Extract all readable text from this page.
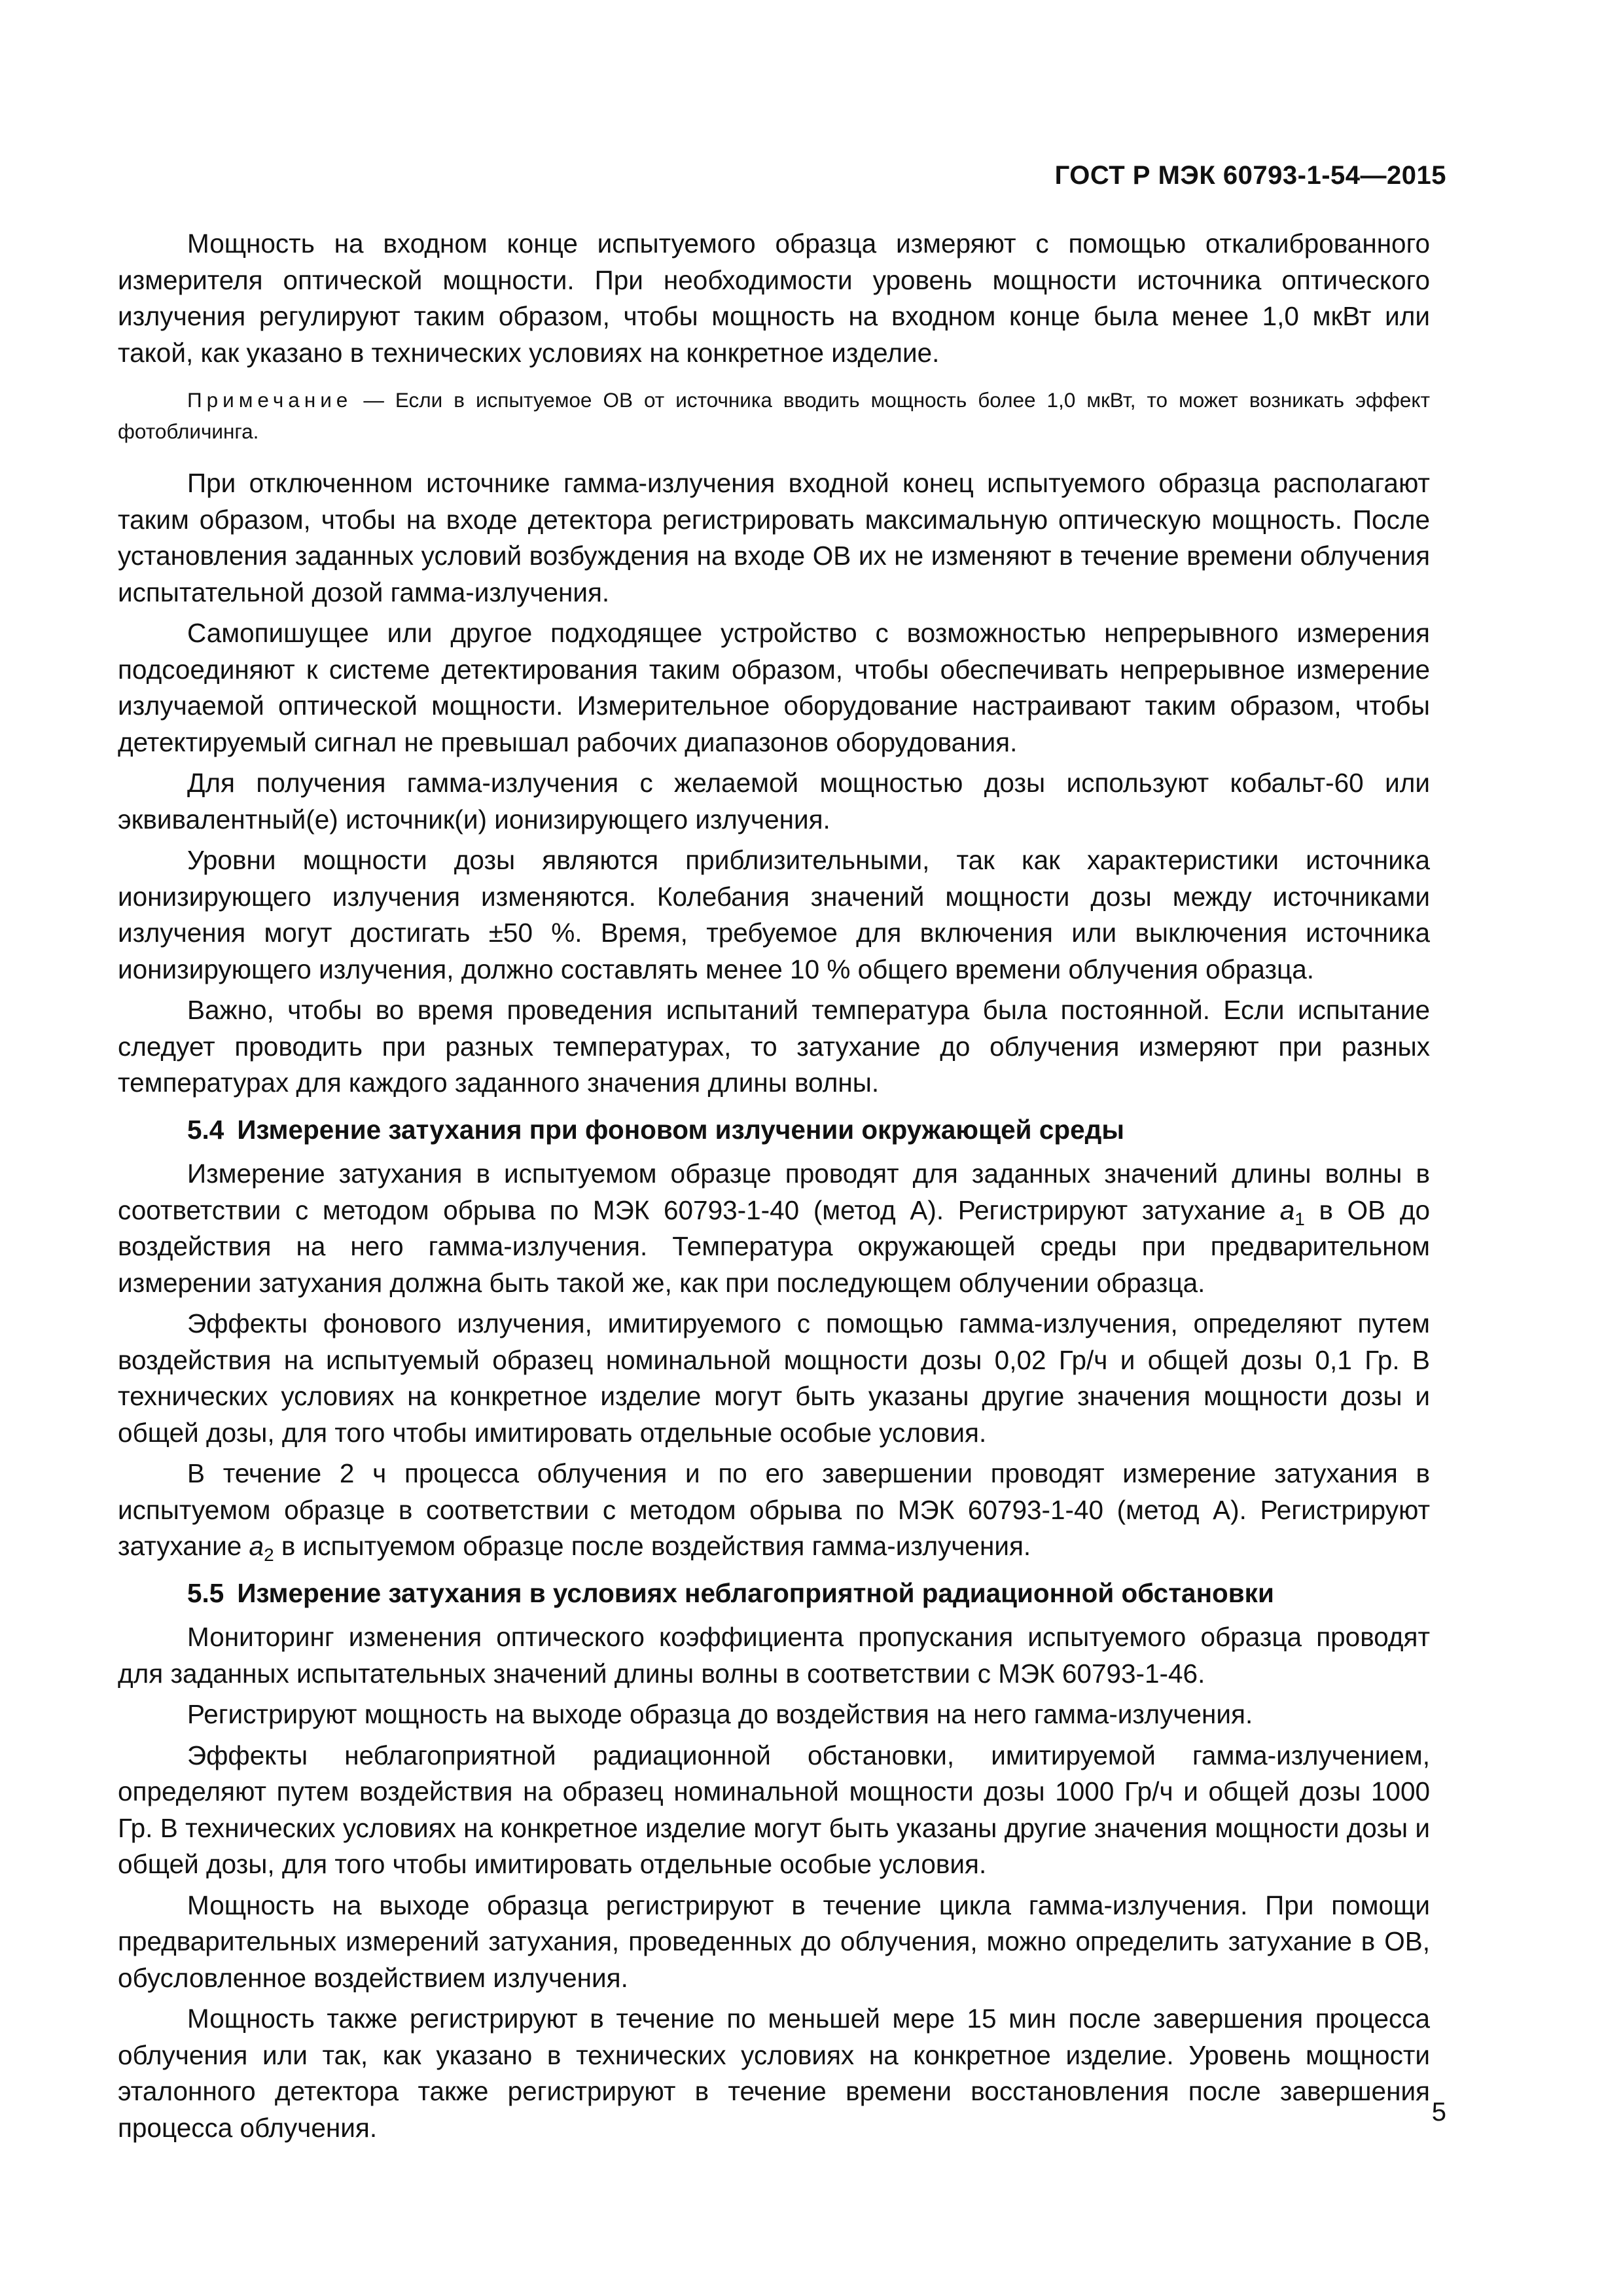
ГОСТ Р МЭК 60793-1-54—2015

Мощность на входном конце испытуемого образца измеряют с помощью откалиброванного измерителя оптической мощности. При необходимости уровень мощности источника оптического излучения регулируют таким образом, чтобы мощность на входном конце была менее 1,0 мкВт или такой, как указано в технических условиях на конкретное изделие.

Примечание — Если в испытуемое ОВ от источника вводить мощность более 1,0 мкВт, то может возникать эффект фотобличинга.

При отключенном источнике гамма-излучения входной конец испытуемого образца располагают таким образом, чтобы на входе детектора регистрировать максимальную оптическую мощность. После установления заданных условий возбуждения на входе ОВ их не изменяют в течение времени облучения испытательной дозой гамма-излучения.

Самопишущее или другое подходящее устройство с возможностью непрерывного измерения подсоединяют к системе детектирования таким образом, чтобы обеспечивать непрерывное измерение излучаемой оптической мощности. Измерительное оборудование настраивают таким образом, чтобы детектируемый сигнал не превышал рабочих диапазонов оборудования.

Для получения гамма-излучения с желаемой мощностью дозы используют кобальт-60 или эквивалентный(е) источник(и) ионизирующего излучения.

Уровни мощности дозы являются приблизительными, так как характеристики источника ионизирующего излучения изменяются. Колебания значений мощности дозы между источниками излучения могут достигать ±50 %. Время, требуемое для включения или выключения источника ионизирующего излучения, должно составлять менее 10 % общего времени облучения образца.

Важно, чтобы во время проведения испытаний температура была постоянной. Если испытание следует проводить при разных температурах, то затухание до облучения измеряют при разных температурах для каждого заданного значения длины волны.

5.4 Измерение затухания при фоновом излучении окружающей среды

Измерение затухания в испытуемом образце проводят для заданных значений длины волны в соответствии с методом обрыва по МЭК 60793-1-40 (метод А). Регистрируют затухание $a_1$ в ОВ до воздействия на него гамма-излучения. Температура окружающей среды при предварительном измерении затухания должна быть такой же, как при последующем облучении образца.

Эффекты фонового излучения, имитируемого с помощью гамма-излучения, определяют путем воздействия на испытуемый образец номинальной мощности дозы 0,02 Гр/ч и общей дозы 0,1 Гр. В технических условиях на конкретное изделие могут быть указаны другие значения мощности дозы и общей дозы, для того чтобы имитировать отдельные особые условия.

В течение 2 ч процесса облучения и по его завершении проводят измерение затухания в испытуемом образце в соответствии с методом обрыва по МЭК 60793-1-40 (метод А). Регистрируют затухание $a_2$ в испытуемом образце после воздействия гамма-излучения.

5.5 Измерение затухания в условиях неблагоприятной радиационной обстановки

Мониторинг изменения оптического коэффициента пропускания испытуемого образца проводят для заданных испытательных значений длины волны в соответствии с МЭК 60793-1-46.

Регистрируют мощность на выходе образца до воздействия на него гамма-излучения.

Эффекты неблагоприятной радиационной обстановки, имитируемой гамма-излучением, определяют путем воздействия на образец номинальной мощности дозы 1000 Гр/ч и общей дозы 1000 Гр. В технических условиях на конкретное изделие могут быть указаны другие значения мощности дозы и общей дозы, для того чтобы имитировать отдельные особые условия.

Мощность на выходе образца регистрируют в течение цикла гамма-излучения. При помощи предварительных измерений затухания, проведенных до облучения, можно определить затухание в ОВ, обусловленное воздействием излучения.

Мощность также регистрируют в течение по меньшей мере 15 мин после завершения процесса облучения или так, как указано в технических условиях на конкретное изделие. Уровень мощности эталонного детектора также регистрируют в течение времени восстановления после завершения процесса облучения.

5
